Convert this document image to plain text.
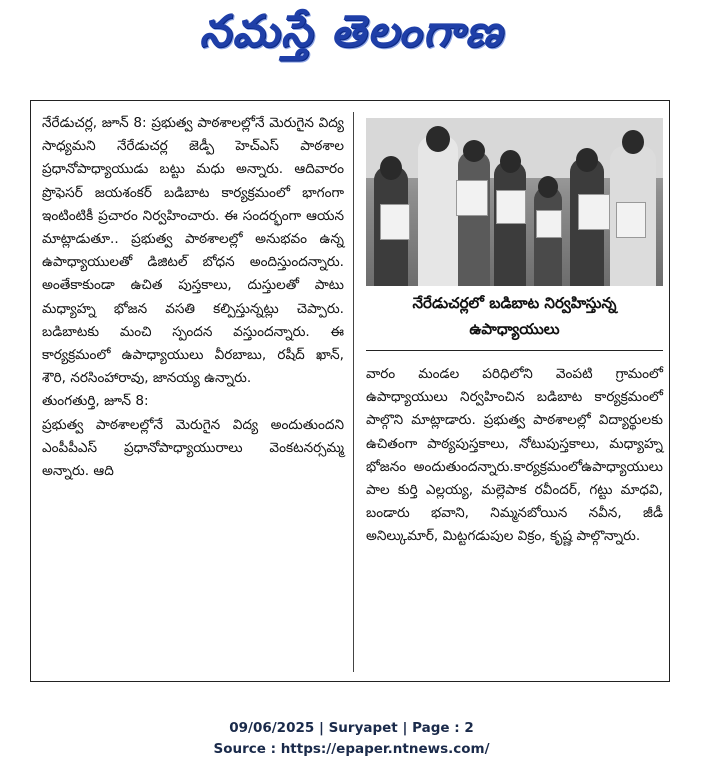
నమస్తే తెలంగాణ

నేరేడుచర్ల, జూన్ 8: ప్రభుత్వ పాఠశాలల్లోనే మెరుగైన విద్య సాధ్యమని నేరేడుచర్ల జెడ్పీ హెచ్ఎస్ పాఠశాల ప్రధానోపాధ్యాయుడు బట్టు మధు అన్నారు. ఆదివారం ప్రొఫెసర్ జయశంకర్ బడిబాట కార్యక్రమంలో భాగంగా ఇంటింటికీ ప్రచారం నిర్వహించారు. ఈ సందర్భంగా ఆయన మాట్లాడుతూ.. ప్రభుత్వ పాఠశాలల్లో అనుభవం ఉన్న ఉపాధ్యాయులతో డిజిటల్ బోధన అందిస్తుందన్నారు. అంతేకాకుండా ఉచిత పుస్తకాలు, దుస్తులతో పాటు మధ్యాహ్న భోజన వసతి కల్పిస్తున్నట్లు చెప్పారు. బడిబాటకు మంచి స్పందన వస్తుందన్నారు. ఈ కార్యక్రమంలో ఉపాధ్యాయులు వీరబాబు, రషీద్ ఖాన్, శౌరి, నరసింహారావు, జానయ్య ఉన్నారు.

తుంగతుర్తి, జూన్ 8:

ప్రభుత్వ పాఠశాలల్లోనే మెరుగైన విద్య అందుతుందని ఎంపీపీఎస్ ప్రధానోపాధ్యాయురాలు వెంకటనర్సమ్మ అన్నారు. ఆది

నేరేడుచర్లలో బడిబాట నిర్వహిస్తున్న ఉపాధ్యాయులు

వారం మండల పరిధిలోని వెంపటి గ్రామంలో ఉపాధ్యాయులు నిర్వహించిన బడిబాట కార్యక్రమంలో పాల్గొని మాట్లాడారు. ప్రభుత్వ పాఠశాలల్లో విద్యార్థులకు ఉచితంగా పాఠ్యపుస్తకాలు, నోటుపుస్తకాలు, మధ్యాహ్న భోజనం అందుతుందన్నారు.కార్యక్రమంలోఉపాధ్యాయులు పాల కుర్తి ఎల్లయ్య, మల్లెపాక రవీందర్, గట్టు మాధవి, బండారు భవాని, నిమ్మనబోయిన నవీన, జీడీ అనిల్కుమార్, మిట్టగడుపుల విక్రం, కృష్ణ పాల్గొన్నారు.

09/06/2025 | Suryapet | Page : 2
Source : https://epaper.ntnews.com/
